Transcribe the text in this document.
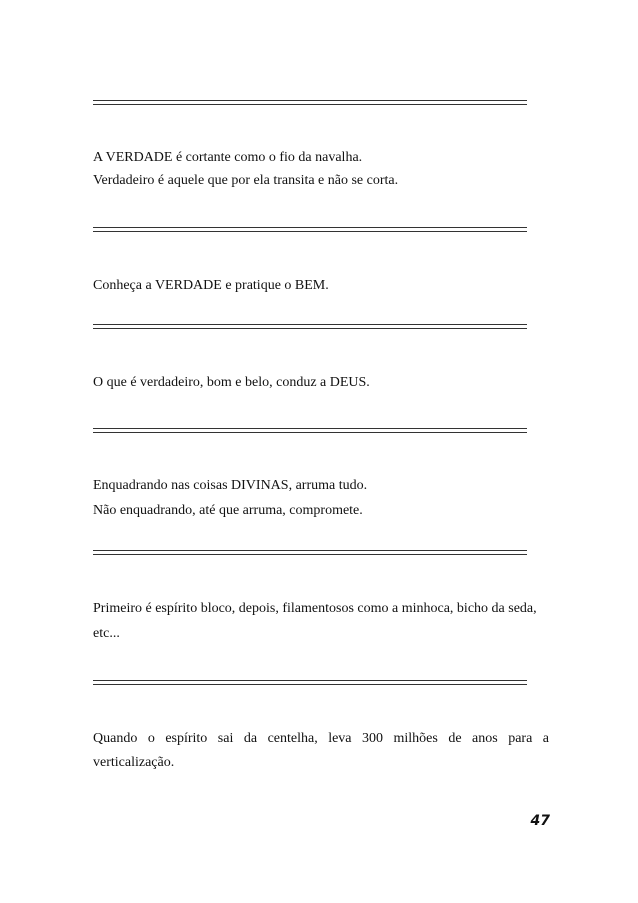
A VERDADE é cortante como o fio da navalha.
Verdadeiro é aquele que por ela transita e não se corta.
Conheça a VERDADE e pratique o BEM.
O que é verdadeiro, bom e belo, conduz a DEUS.
Enquadrando nas coisas DIVINAS, arruma tudo.
Não enquadrando, até que arruma, compromete.
Primeiro é espírito bloco, depois, filamentosos como a minhoca, bicho da seda,
etc...
Quando o espírito sai da centelha, leva 300 milhões de anos para a
verticalização.
47
